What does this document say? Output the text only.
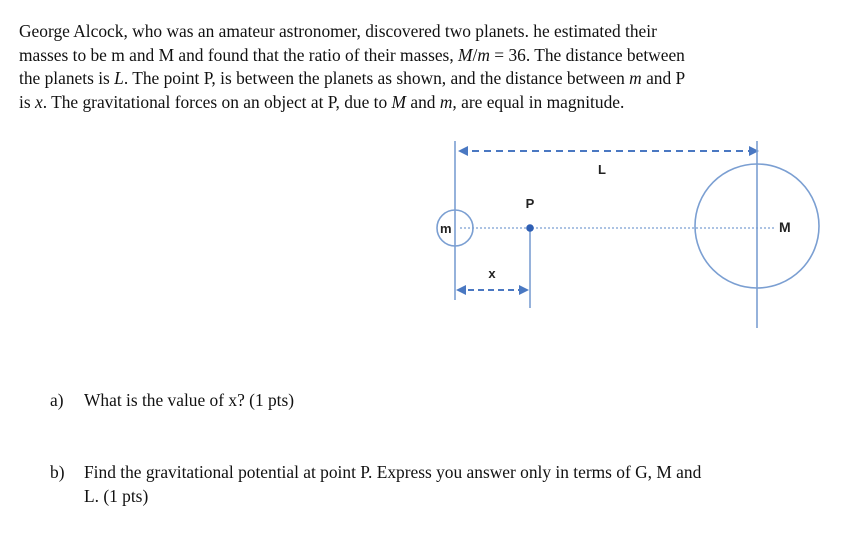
George Alcock, who was an amateur astronomer, discovered two planets. he estimated their
masses to be m and M and found that the ratio of their masses, M/m = 36. The distance between
the planets is L. The point P, is between the planets as shown, and the distance between m and P
is x. The gravitational forces on an object at P, due to M and m, are equal in magnitude.
L
m
P
x
M
a) What is the value of x? (1 pts)
b) Find the gravitational potential at point P. Express you answer only in terms of G, M and
L. (1 pts)
